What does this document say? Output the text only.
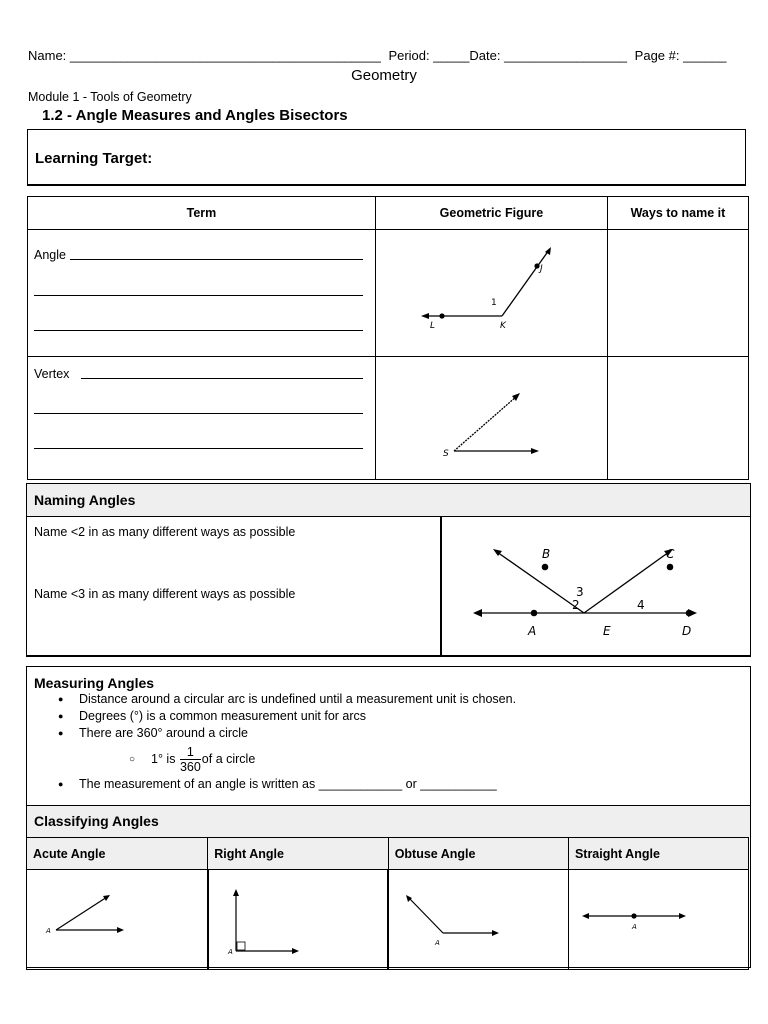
Name: ___________________________________________ Period: _____Date: _________________ Page #: ______
Geometry
Module 1 - Tools of Geometry
1.2 - Angle Measures and Angles Bisectors
Learning Target:
Term	Geometric Figure	Ways to name it

Angle	L K
J
1	

Vertex	S	

Naming Angles
Name <2 in as many different ways as possible
Name <3 in as many different ways as possible
B	C
3
2	4
A	E	D
Measuring Angles
● Distance around a circular arc is undefined until a measurement unit is chosen.
● Degrees (°) is a common measurement unit for arcs
● There are 360° around a circle
○ 1° is $\frac{1}{360}$ of a circle
● The measurement of an angle is written as ____________ or ___________
Classifying Angles
Acute Angle	Right Angle	Obtuse Angle	Straight Angle

A	A	A	A
